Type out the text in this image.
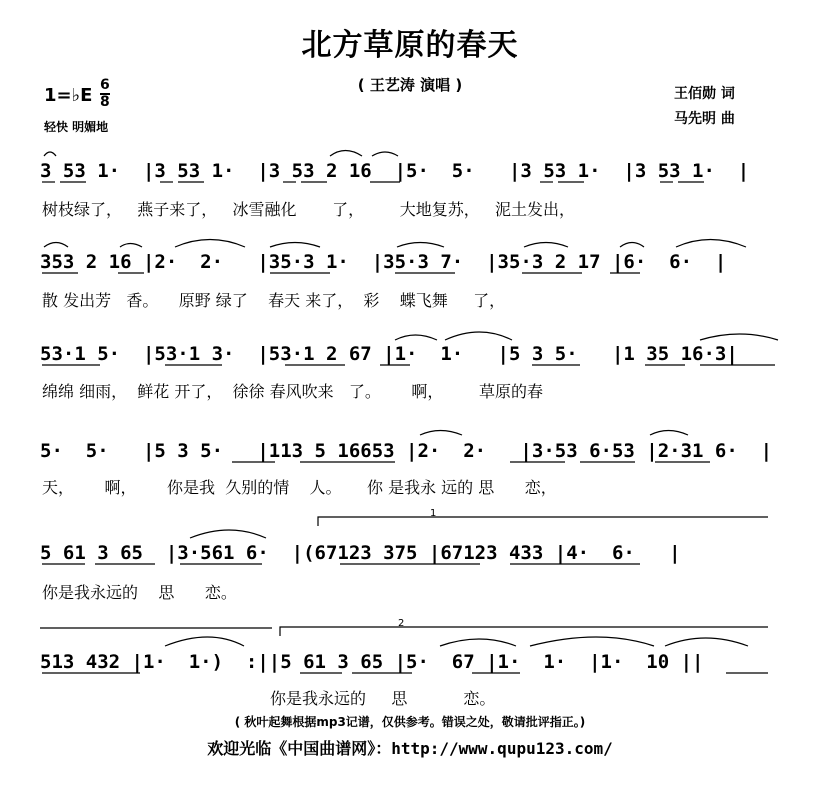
北方草原的春天
( 王艺涛 演唱 )
1=♭E 6
8
轻快 明媚地
王佰勋 词
马先明 曲
3 53 1·  |3 53 1·  |3 53 2 16  |5·  5·   |3 53 1·  |3 53 1·  |
树枝绿了，   燕子来了，   冰雪融化       了，       大地复苏，   泥土发出，
353 2 16 |2·  2·   |35·3 1·  |35·3 7·  |35·3 2 17 |6·  6·  |
散 发出芳   香。    原野 绿了    春天 来了，  彩    蝶飞舞     了，
53·1 5·  |53·1 3·  |53·1 2 67 |1·  1·   |5 3 5·   |1 35 16·3|
绵绵 细雨，  鲜花 开了，  徐徐 春风吹来   了。      啊，       草原的春
5·  5·   |5 3 5·   |113 5 16653 |2·  2·   |3·53 6·53 |2·31 6·  |
天，      啊，      你是我  久别的情    人。     你 是我永 远的 思      恋，
5 61 3 65  |3·561 6·  |(67123 375 |67123 433 |4·  6·   |
你是我永远的    思      恋。
513 432 |1·  1·)  :||5 61 3 65 |5·  67 |1·  1·  |1·  10 ||
你是我永远的     思           恋。
1
2
( 秋叶起舞根据mp3记谱，仅供参考。错误之处，敬请批评指正。)
欢迎光临《中国曲谱网》：http://www.qupu123.com/
